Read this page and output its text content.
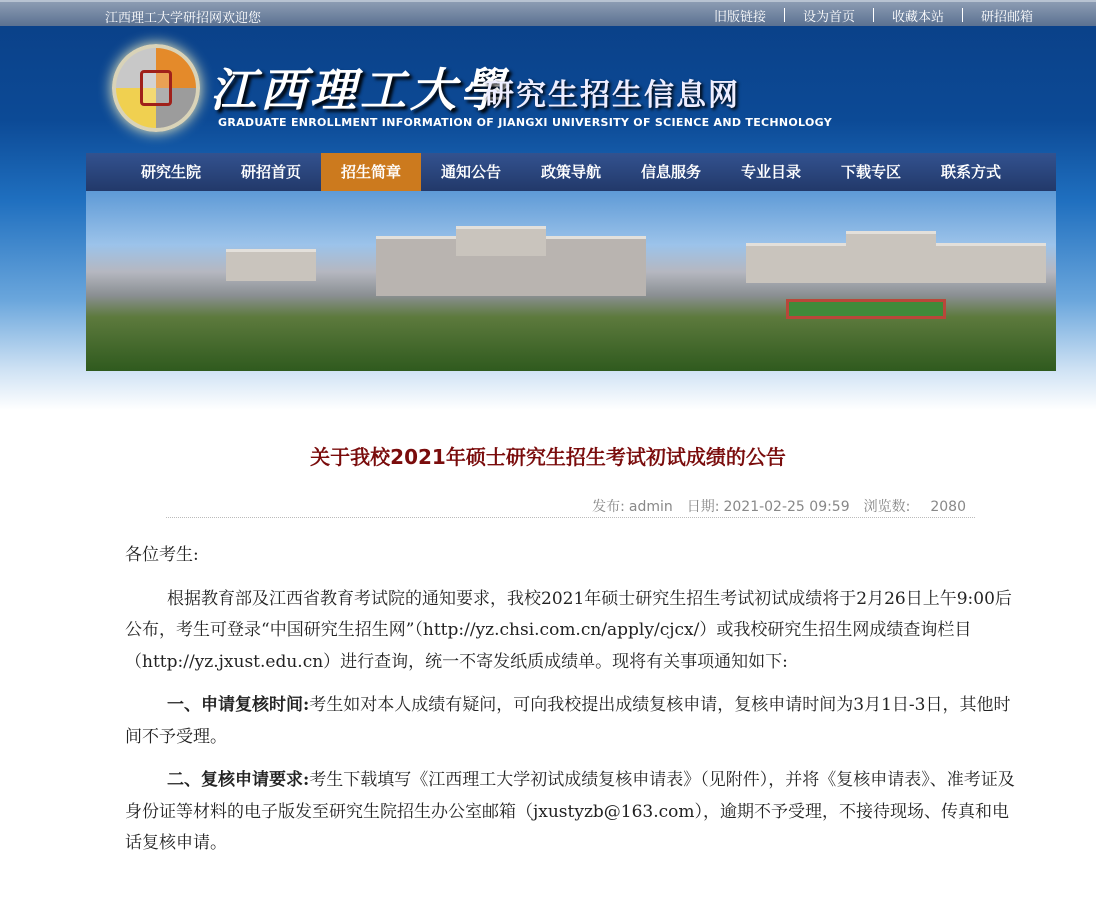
江西理工大学研招网欢迎您	旧版链接	设为首页	收藏本站	研招邮箱
江西理工大學
研究生招生信息网
GRADUATE ENROLLMENT INFORMATION OF JIANGXI UNIVERSITY OF SCIENCE AND TECHNOLOGY
研究生院	研招首页	招生简章	通知公告	政策导航	信息服务	专业目录	下载专区	联系方式
关于我校2021年硕士研究生招生考试初试成绩的公告
发布: admin 日期: 2021-02-25 09:59 浏览数: 2080

各位考生:

根据教育部及江西省教育考试院的通知要求，我校2021年硕士研究生招生考试初试成绩将于2月26日上午9:00后公布，考生可登录“中国研究生招生网”（http://yz.chsi.com.cn/apply/cjcx/）或我校研究生招生网成绩查询栏目（http://yz.jxust.edu.cn）进行查询，统一不寄发纸质成绩单。现将有关事项通知如下:

一、申请复核时间:考生如对本人成绩有疑问，可向我校提出成绩复核申请，复核申请时间为3月1日-3日，其他时间不予受理。

二、复核申请要求:考生下载填写《江西理工大学初试成绩复核申请表》（见附件），并将《复核申请表》、准考证及身份证等材料的电子版发至研究生院招生办公室邮箱（jxustyzb@163.com），逾期不予受理，不接待现场、传真和电话复核申请。
